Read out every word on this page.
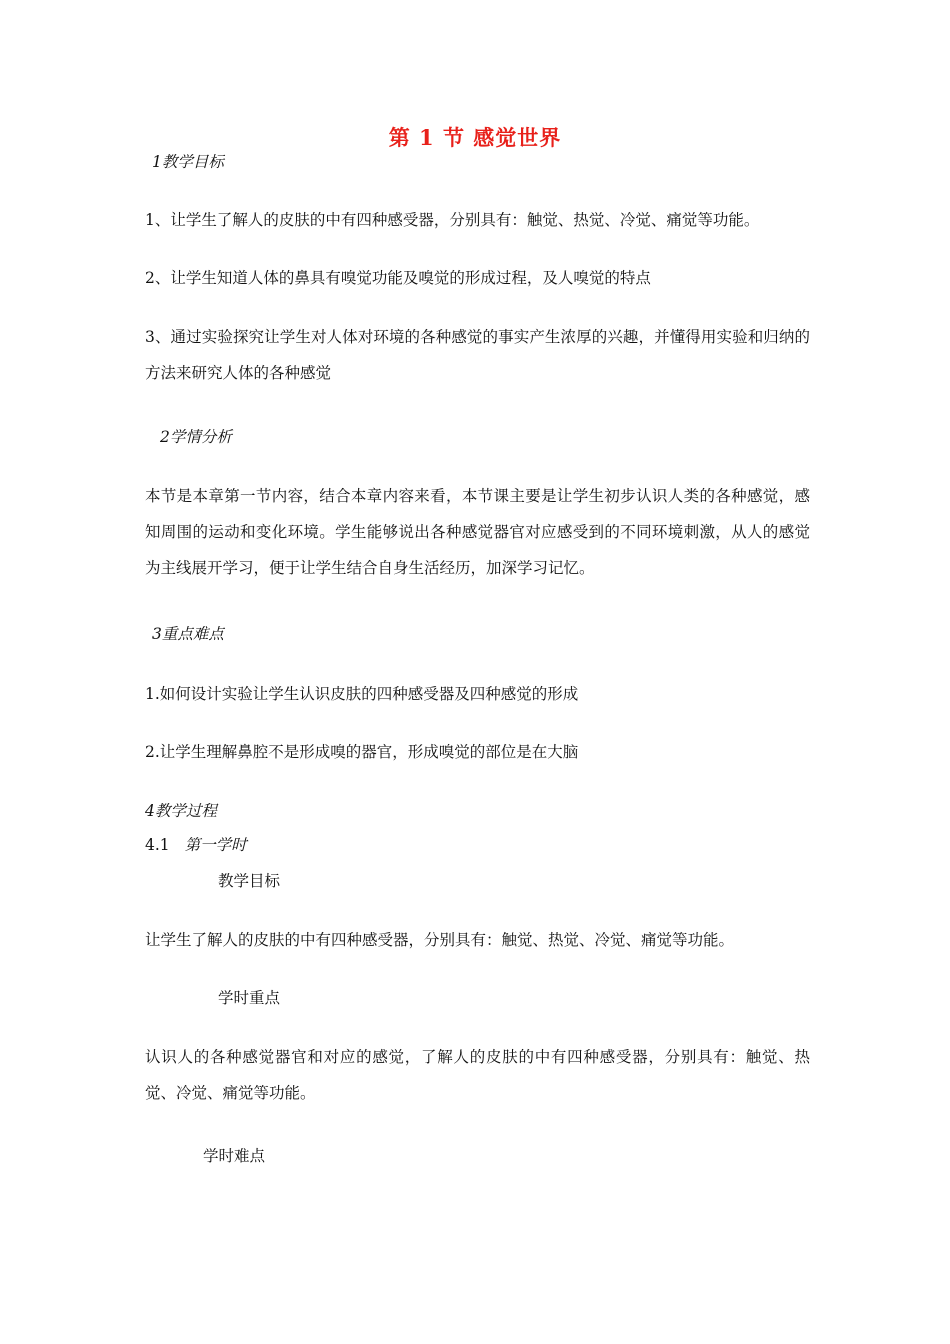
第 1 节 感觉世界
1教学目标
1、让学生了解人的皮肤的中有四种感受器，分别具有：触觉、热觉、冷觉、痛觉等功能。
2、让学生知道人体的鼻具有嗅觉功能及嗅觉的形成过程，及人嗅觉的特点
3、通过实验探究让学生对人体对环境的各种感觉的事实产生浓厚的兴趣，并懂得用实验和归纳的方法来研究人体的各种感觉
2学情分析
本节是本章第一节内容，结合本章内容来看，本节课主要是让学生初步认识人类的各种感觉，感知周围的运动和变化环境。学生能够说出各种感觉器官对应感受到的不同环境刺激，从人的感觉为主线展开学习，便于让学生结合自身生活经历，加深学习记忆。
3重点难点
1.如何设计实验让学生认识皮肤的四种感受器及四种感觉的形成
2.让学生理解鼻腔不是形成嗅的器官，形成嗅觉的部位是在大脑
4教学过程
4.1 第一学时
教学目标
让学生了解人的皮肤的中有四种感受器，分别具有：触觉、热觉、冷觉、痛觉等功能。
学时重点
认识人的各种感觉器官和对应的感觉，了解人的皮肤的中有四种感受器，分别具有：触觉、热觉、冷觉、痛觉等功能。
学时难点
